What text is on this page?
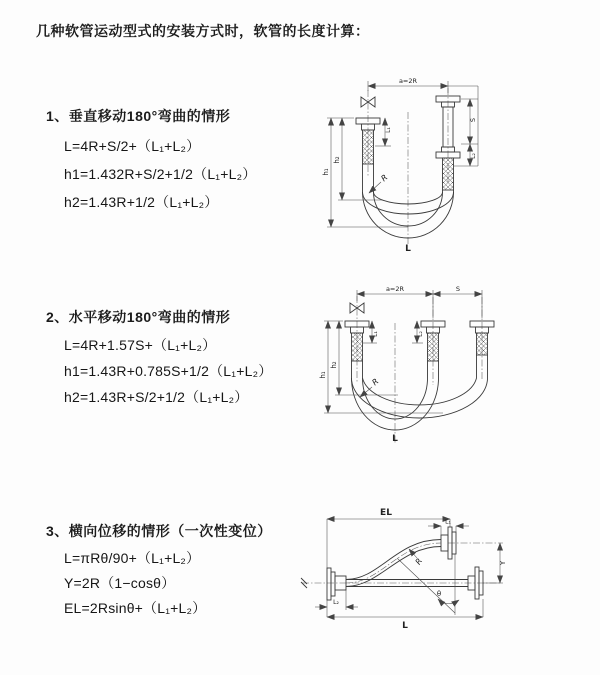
几种软管运动型式的安装方式时，软管的长度计算：
1、垂直移动180°弯曲的情形
L=4R+S/2+（L₁+L₂）
h1=1.432R+S/2+1/2（L₁+L₂）
h2=1.43R+1/2（L₁+L₂）
2、水平移动180°弯曲的情形
L=4R+1.57S+（L₁+L₂）
h1=1.43R+0.785S+1/2（L₁+L₂）
h2=1.43R+S/2+1/2（L₁+L₂）
3、横向位移的情形（一次性变位）
L=πRθ/90+（L₁+L₂）
Y=2R（1−cosθ）
EL=2Rsinθ+（L₁+L₂）
a=2R
h₁
h₂
L₁
S
L₂
R
L
a=2R	S
h₁
h₂
L₁	L₂
R
L
EL
L₁
R	Y
θ
L
L₂
